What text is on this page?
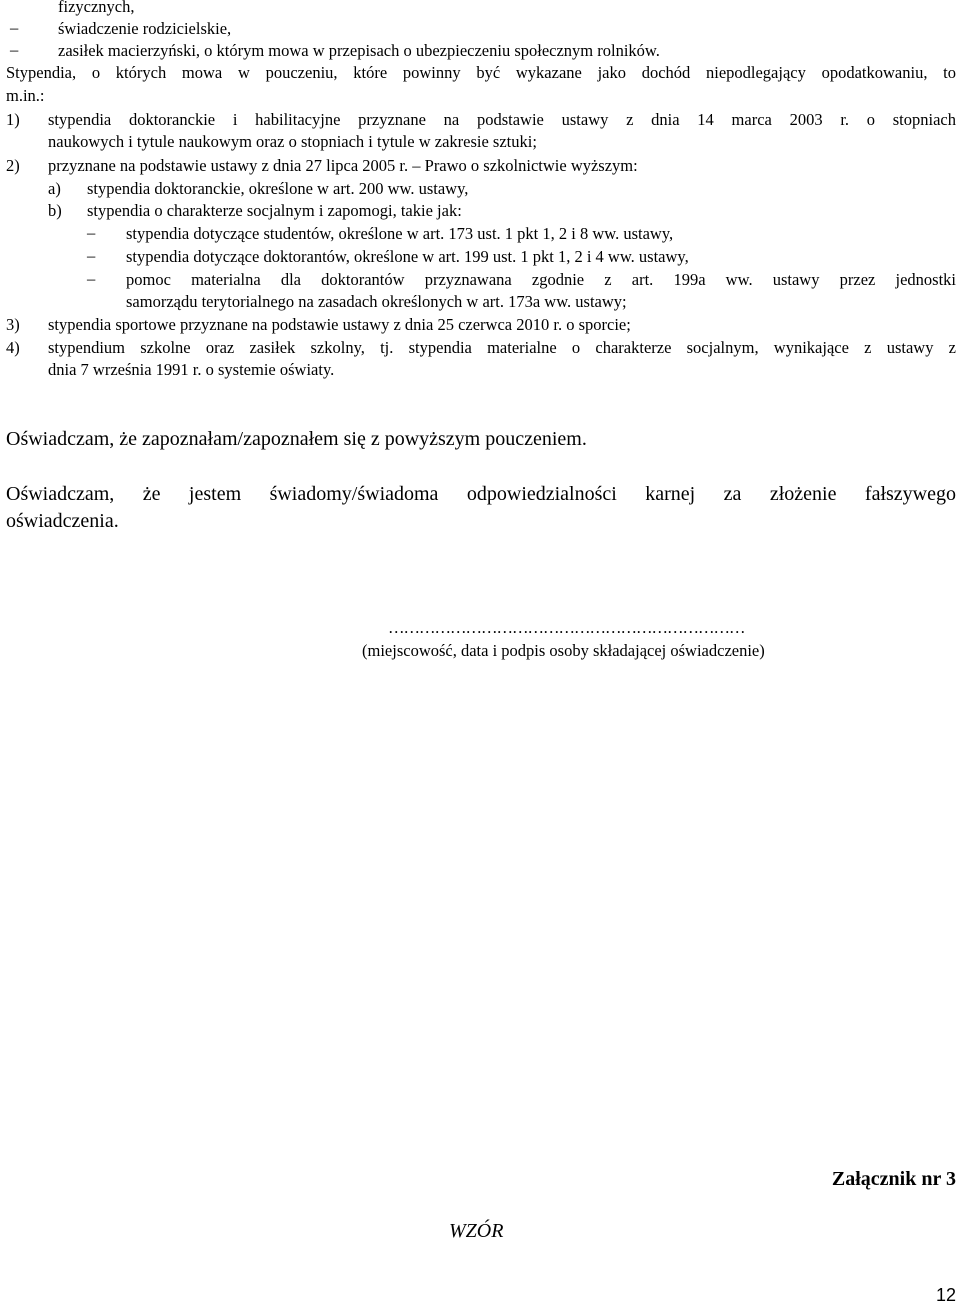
fizycznych,
– świadczenie rodzicielskie,
– zasiłek macierzyński, o którym mowa w przepisach o ubezpieczeniu społecznym rolników.
Stypendia, o których mowa w pouczeniu, które powinny być wykazane jako dochód niepodlegający opodatkowaniu, to
m.in.:
1) stypendia doktoranckie i habilitacyjne przyznane na podstawie ustawy z dnia 14 marca 2003 r. o stopniach
naukowych i tytule naukowym oraz o stopniach i tytule w zakresie sztuki;
2) przyznane na podstawie ustawy z dnia 27 lipca 2005 r. – Prawo o szkolnictwie wyższym:
a) stypendia doktoranckie, określone w art. 200 ww. ustawy,
b) stypendia o charakterze socjalnym i zapomogi, takie jak:
– stypendia dotyczące studentów, określone w art. 173 ust. 1 pkt 1, 2 i 8 ww. ustawy,
– stypendia dotyczące doktorantów, określone w art. 199 ust. 1 pkt 1, 2 i 4 ww. ustawy,
– pomoc materialna dla doktorantów przyznawana zgodnie z art. 199a ww. ustawy przez jednostki
samorządu terytorialnego na zasadach określonych w art. 173a ww. ustawy;
3) stypendia sportowe przyznane na podstawie ustawy z dnia 25 czerwca 2010 r. o sporcie;
4) stypendium szkolne oraz zasiłek szkolny, tj. stypendia materialne o charakterze socjalnym, wynikające z ustawy z
dnia 7 września 1991 r. o systemie oświaty.
Oświadczam, że zapoznałam/zapoznałem się z powyższym pouczeniem.
Oświadczam, że jestem świadomy/świadoma odpowiedzialności karnej za złożenie fałszywego
oświadczenia.
……………………………………………………………
(miejscowość, data i podpis osoby składającej oświadczenie)
Załącznik nr 3
WZÓR
12
